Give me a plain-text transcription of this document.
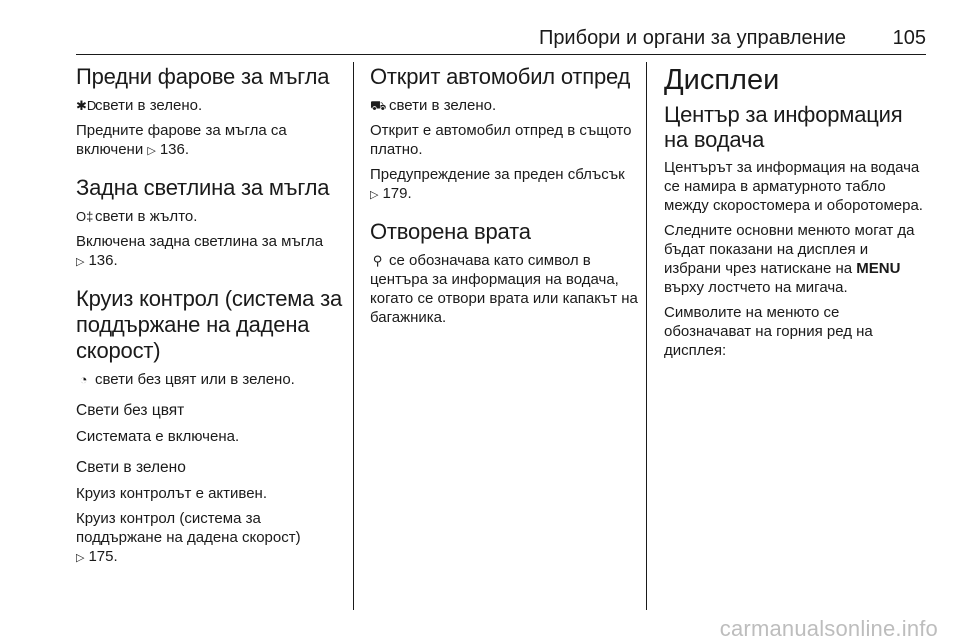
Прибори и органи за управление 105
Предни фарове за мъгла

✱Dсвети в зелено.

Предните фарове за мъгла са включени ▷ 136.

Задна светлина за мъгла

O‡ свети в жълто.

Включена задна светлина за мъгла
▷ 136.

Круиз контрол (система за поддържане на дадена скорост)

◔ свети без цвят или в зелено.

Свети без цвят

Системата е включена.

Свети в зелено

Круиз контролът е активен.

Круиз контрол (система за поддържане на дадена скорост)
▷ 175.

Открит автомобил отпред

⛟ свети в зелено.

Открит е автомобил отпред в същото платно.

Предупреждение за преден сблъсък ▷ 179.

Отворена врата

⚲ се обозначава като символ в центъра за информация на водача, когато се отвори врата или капакът на багажника.

Дисплеи
Център за информация на водача

Центърът за информация на водача се намира в арматурното табло между скоростомера и оборотомера.

Следните основни менюто могат да бъдат показани на дисплея и избрани чрез натискане на MENU върху лостчето на мигача.

Символите на менюто се обозначават на горния ред на дисплея:

carmanualsonline.info
